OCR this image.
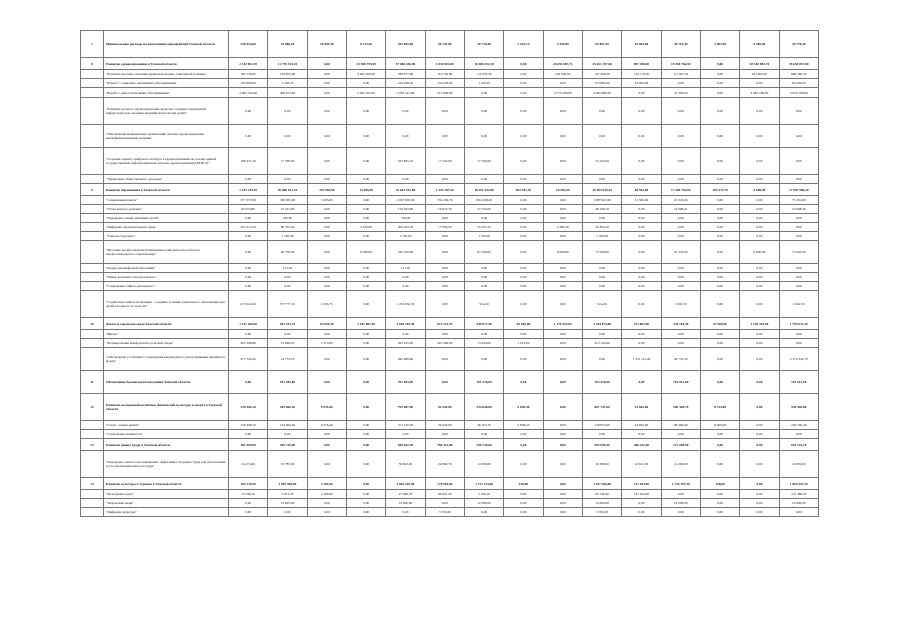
7	Минимальные расходы на выполнение мероприятий Томской области	326 024,60	34 806,20	18 493,50	8 133,50	265 065,00	40 147,80	30 718,48	2 545,14	9 456,00	65 851,30	29 863,00	38 719,40	2 562,90	6 585,00	29 778,20
8	Развитие здравоохранения в Томской области	2 132 902,70	11 770 315,25	3,00	23 586 755,99	57 686 456,00	1 830 902,80	10 486 252,10	0,00	26 655 087,71	25 621 197,60	897 308,00	19 459 766,90	0,00	28 548 983,70	35 658 857,80
	"Развитие системы оказания первичной медико-санитарной помощи"	182 136,90	126 853,28	3,00	4 093 200,00	789 077,60	114 792,80	111 097,30	0,00	520 000,00	147 496,30	116 770,30	111 097,30	0,00	281 900,00	866 290,50
	"Борьба с социально значимыми заболеваниями"	105 666,50	1 120,20	3,00	0,00	229 298,20	154 078,00	1 120,20	0,00	0,00	153 899,20	63 093,00	0,00	0,00	0,00	69 550,00
	"Борьба с онкологическими заболеваниями"	2 082 742,60	499 673,85	3,00	2 495 702,00	5 087 521,80	213 809,90	0,00	0,00	2 773 200,00	2 982 889,50	0,00	47 300,00	0,00	3 087 200,00	3 059 708,00
	"Развитие детского здравоохранения, включая создание современной инфраструктуры оказания медицинской помощи детям"	0,00	0,00	3,00	0,00	0,00	0,00	0,00	0,00	0,00	0,00	0,00	0,00	0,00	0,00	0,00
	"Обеспечение медицинских организаций системы здравоохранения квалифицированными кадрами"	0,00	0,00	3,00	0,00	0,00	0,00	0,00	0,00	0,00	0,00	0,00	0,00	0,00	0,00	0,00
	"Создание единого цифрового контура в здравоохранении на основе единой государственной информационной системы здравоохранения (ЕГИСЗ)"	186 475,10	17 790,00	3,00	0,00	225 855,10	17 520,00	17 790,00	0,00	0,00	54 145,00	0,00	0,00	0,00	0,00	0,00
	"Укрепление общественного здоровья"	0,00	0,00	3,00	0,00	0,00	0,00	0,00	0,00	0,00	0,00	0,00	0,00	0,00	0,00	0,00
9	Развитие образования в Томской области	2 443 419,10	20 868 021,10	247 063,90	13 956,09	22 663 541,80	1 555 187,50	18 291 542,90	652 451,70	10 502,09	20 184 916,43	58 502,00	17 485 752,60	165 473,70	6 608,90	17 687 986,20
	"Современная школа"	377 337,80	740 063,00	5 293,82	0,00	1 067 605,00	332 436,70	694 298,20	0,00	0,00	1 087 621,90	31 500,00	16 345,00	0,00	0,00	73 181,60
	"Успех каждого ребенка"	95 074,80	37 527,90	3,00	0,00	176 293,80	19 073,70	37 525,00	0,00	0,00	48 106,70	0,00	22 098,41	0,00	0,00	23 098,40
	"Поддержка семей, имеющих детей"	0,00	335,00	3,00	0,00	376,00	0,00	0,00	0,00	0,00	0,00	0,00	0,00	0,00	0,00	0,00
	"Цифровая образовательная среда"	263 414,10	89 335,40	3,00	3 476,00	406 925,50	17 956,50	25 457,25	0,00	2 382,30	45 850,10	0,00	0,00	0,00	0,00	0,00
	"Учитель будущего"	0,00	1 700,00	3,00	0,00	1 700,00	0,00	1 700,00	0,00	0,00	1 700,00	0,00	0,00	0,00	0,00	0,00
	"Молодые профессионалы (Повышение конкурентоспособности профессионального образования)"	0,00	90 730,00	3,00	9 580,00	100 359,60	0,00	67 320,00	0,00	6 600,00	73 920,00	0,00	67 320,00	0,00	6 600,00	73 920,00
	"Кадры для цифровой экономики"	0,00	121,40	3,00	0,00	121,40	0,00	0,00	0,00	0,00	0,00	0,00	0,00	0,00	0,00	0,00
	"Новые возможности для каждого"	0,00	0,00	3,00	0,00	0,00	0,00	0,00	0,00	0,00	0,00	0,00	0,00	0,00	0,00	0,00
	"Социальные лифты для каждого"	0,00	0,00	3,00	0,00	0,00	0,00	0,00	0,00	0,00	0,00	0,00	0,00	0,00	0,00	0,00
	"Содействие занятости женщин - создание условий дошкольного образования для детей в возрасте до трех лет"	473 944,50	757 777,10	1 096,75	0,00	1 232 632,30	0,00	914,20	0,00	0,00	914,20	0,00	1 062,50	0,00	0,00	1 062,50
10	Жилье и городская среда Томской области	1 157 260,00	281 423,75	63 654,50	1 161 887,50	2 649 703,50	673 131,70	349 977,40	65 964,00	1 179 525,00	2 264 879,80	271 801,60	244 764,40	67 900,00	1 220 325,50	1 794 071,20
	"Жилье"	0,00	0,00	3,00	0,00	0,00	0,00	0,00	0,00	0,00	0,00	0,00	0,00	0,00	0,00	0,00
	"Формирование комфортной городской среды"	465 396,80	13 996,45	1 113,00	0,00	395 225,20	401 209,90	13 424,00	1 012,00	0,00	415 145,60	0,00	0,00	0,00	0,00	0,00
	"Обеспечение устойчивого сокращения непригодного для проживания жилищного фонда"	477 744,20	14 774,70	3,00	0,00	492 489,90	0,00	0,00	0,00	0,00	0,00	1 335 113,40	40 733,30	0,00	0,00	2 374 342,70
11	Обеспечение безопасности населения Томской области	0,00	701 283,00	3,00	0,00	701 283,00	0,00	701 576,00	0,00	0,00	703 576,00	0,00	701 012,00	0,00	0,00	701 012,00
12	Развитие молодежной политики, физической культуры и спорта в Томской области	239 286,10	539 606,20	9 935,60	0,00	795 887,90	82 920,00	534 846,00	9 838,40	0,00	667 721,00	24 604,00	509 440,70	8 724,00	0,00	539 590,80
	"Спорт - норма жизни"	230 308,10	132 664,40	9 276,40	0,00	371 310,20	29 929,00	46 103,70	9 838,20	0,00	158 873,60	24 604,00	98 466,90	8 499,00	0,00	229 740,40
	"Социальная активность"	0,00	0,00	3,00	0,00	0,00	0,00	0,00	0,00	0,00	0,00	0,00	0,00	0,00	0,00	0,00
13	Развитие рынка труда в Томской области	381 909,90	256 745,90	3,00	0,00	638 642,30	786 331,80	256 745,60	0,00	0,00	995 090,30	286 331,60	271 058,90	0,00	0,00	878 142,70
	"Поддержка занятости и повышение эффективности рынка труда для обеспечения роста производительности труда"	24 474,90	35 785,00	3,00	0,00	59 603,90	22 860,70	14 358,00	0,00	0,00	26 589,00	22 615,30	14 200,00	0,00	0,00	24 859,00
14	Развитие культуры и туризма в Томской области	183 176,90	1 087 980,00	3 105,90	0,00	2 062 425,00	179 918,80	1 771 133,60	158,00	0,00	1 937 286,60	147 403,00	1 716 787,30	158,00	0,00	1 864 397,50
	"Культурная среда"	22 348,10	5 813,29	2 109,00	0,00	27 660,70	99 901,20	5 356,10	0,00	0,00	95 740,40	147 404,00	0,00	0,00	0,00	147 466,00
	"Творческие люди"	0,00	14 605,00	3,00	0,00	14 600,00	0,00	12 300,00	0,00	0,00	14 000,00	0,00	14 000,00	0,00	0,00	14 900,00
	"Цифровая культура"	0,00	0,00	3,00	0,00	0,00	3 700,00	0,00	0,00	0,00	3 700,00	0,00	0,00	0,00	0,00	0,00
